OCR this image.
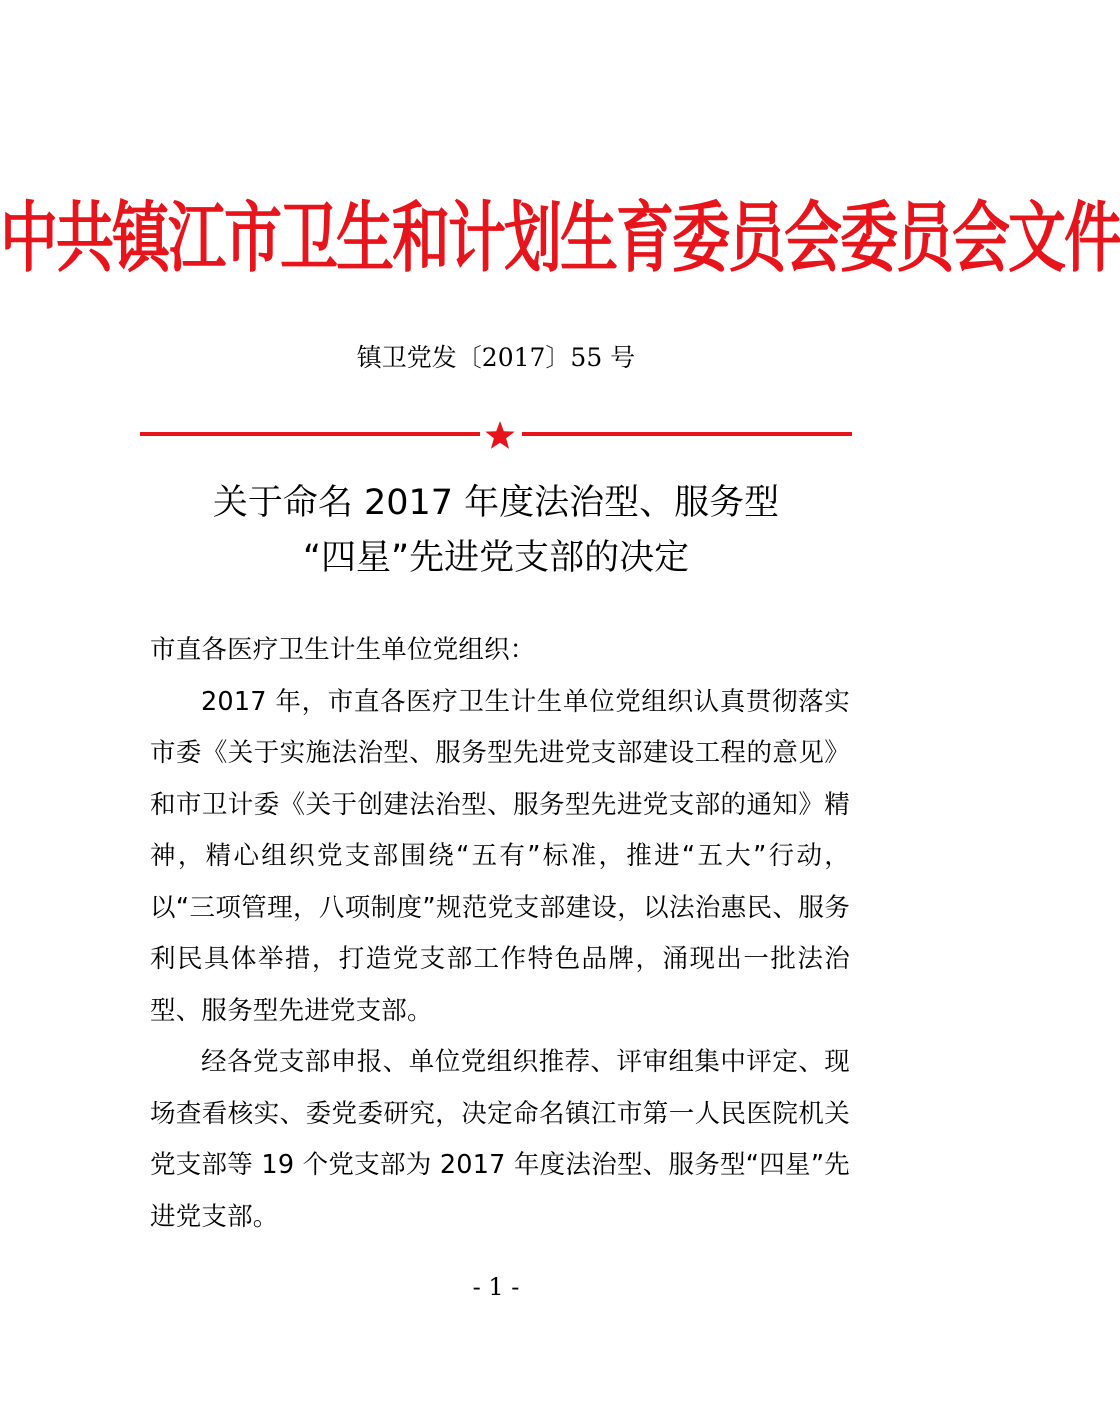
中共镇江市卫生和计划生育委员会委员会文件
镇卫党发〔2017〕55 号
关于命名 2017 年度法治型、服务型
“四星”先进党支部的决定

市直各医疗卫生计生单位党组织：

2017 年，市直各医疗卫生计生单位党组织认真贯彻落实市委《关于实施法治型、服务型先进党支部建设工程的意见》和市卫计委《关于创建法治型、服务型先进党支部的通知》精神，精心组织党支部围绕“五有”标准，推进“五大”行动，以“三项管理，八项制度”规范党支部建设，以法治惠民、服务利民具体举措，打造党支部工作特色品牌，涌现出一批法治型、服务型先进党支部。

经各党支部申报、单位党组织推荐、评审组集中评定、现场查看核实、委党委研究，决定命名镇江市第一人民医院机关党支部等 19 个党支部为 2017 年度法治型、服务型“四星”先进党支部。

- 1 -
